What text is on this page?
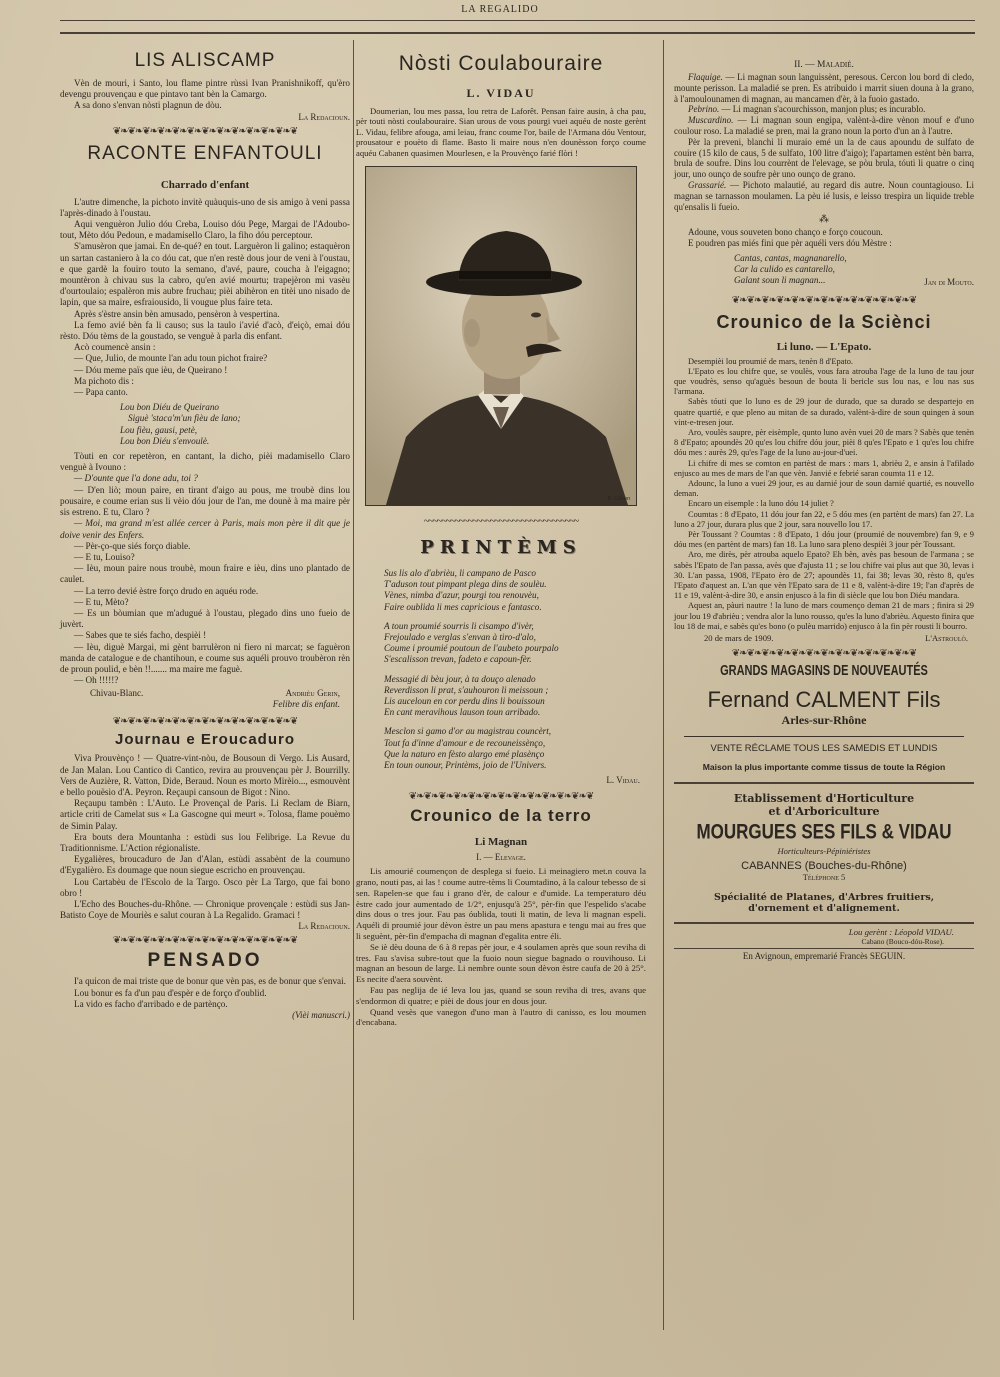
LA REGALIDO
LIS ALISCAMP

Vèn de mouri, i Santo, lou flame pintre rùssi Ivan Pranishnikoff, qu'èro devengu prouvençau e que pintavo tant bèn la Camargo.

A sa dono s'envan nòsti plagnun de dòu.

La Redacioun.
❦❧❦❧❦❧❦❧❦❧❦❧❦❧❦❧❦❧❦❧❦❧❦❧❦
RACONTE ENFANTOULI
Charrado d'enfant

L'autre dimenche, la pichoto invitè quàuquis-uno de sis amigo à veni passa l'après-dinado à l'oustau.

Aqui venguèron Julio dóu Creba, Louiso dóu Pege, Margai de l'Adoubo-tout, Mèto dóu Pedoun, e madamisello Claro, la fiho dóu perceptour.

S'amusèron que jamai. En de-qué? en tout. Larguèron li galino; estaquèron un sartan castaniero à la co dóu cat, que n'en restè dous jour de veni à l'oustau, e que gardè la fouiro touto la semano, d'avé, paure, coucha à l'eigagno; mountèron à chivau sus la cabro, qu'en avié mourtu; trapejèron mi vasèu d'ourtoulaio; espalèron mis aubre fruchau; pièi abihèron en titèi uno nisado de lapin, que sa maire, esfraiousido, li vougue plus faire teta.

Après s'èstre ansin bèn amusado, pensèron à vespertina.

La femo avié bèn fa li causo; sus la taulo i'avié d'acò, d'eiçò, emai dóu rèsto. Dóu tèms de la goustado, se venguè à parla dis enfant.

Acò coumencè ansin :

— Que, Julio, de mounte l'an adu toun pichot fraire?

— Dóu meme païs que ièu, de Queirano !

Ma pichoto dis :

— Papa canto.

Lou bon Diéu de Queirano
Siguè 'staca'm'un fièu de lano;
Lou fièu, gausi, petè,
Lou bon Diéu s'envoulè.

Tòuti en cor repetèron, en cantant, la dicho, pièi madamisello Claro venguè à Ivouno :

— D'ounte que l'a done adu, toi ?

— D'en liò; moun paire, en tirant d'aigo au pous, me troubè dins lou pousaire, e coume erian sus li vèio dóu jour de l'an, me dounè à ma maire pèr sis estreno. E tu, Claro ?

— Moi, ma grand m'est allée cercer à Paris, mais mon père il dit que je doive venir des Enfers.

— Pèr-ço-que siés forço diable.

— E tu, Louiso?

— Ièu, moun paire nous troubè, moun fraire e ièu, dins uno plantado de caulet.

— La terro devié èstre forço drudo en aquéu rode.

— E tu, Mèto?

— Es un bòumian que m'adugué à l'oustau, plegado dins uno fueio de juvèrt.

— Sabes que te siés facho, despièi !

— Ièu, diguè Margai, mi gènt barrulèron ni fiero ni marcat; se faguèron manda de catalogue e de chantihoun, e coume sus aquéli prouvo troubèron rèn de proun poulid, e bèn !!....... ma maire me faguè.

— Oh !!!!!?

Chivau-Blanc.	Andrièu Gerin,
Felibre dis enfant.
❦❧❦❧❦❧❦❧❦❧❦❧❦❧❦❧❦❧❦❧❦❧❦❧❦
Journau e Eroucaduro

Viva Prouvènço ! — Quatre-vint-nòu, de Bousoun di Vergo. Lis Ausard, de Jan Malan. Lou Cantico di Cantico, revira au prouvençau pèr J. Bourrilly. Vers de Auzière, R. Vatton, Dide, Beraud. Noun es morto Mirèio..., esmouvènt e bello pouësio d'A. Peyron. Reçaupi cansoun de Bigot : Nino.

Reçaupu tambèn : L'Auto. Le Provençal de Paris. Li Reclam de Biarn, article criti de Camelat sus « La Gascogne qui meurt ». Tolosa, flame pouèmo de Simin Palay.

Era bouts dera Mountanha : estùdi sus lou Felibrige. La Revue du Traditionnisme. L'Action régionaliste.

Eygalières, broucaduro de Jan d'Alan, estùdi assabènt de la coumuno d'Eygalièro. Es doumage que noun siegue escricho en prouvençau.

Lou Cartabèu de l'Escolo de la Targo. Osco pèr La Targo, que fai bono obro !

L'Echo des Bouches-du-Rhône. — Chronique provençale : estùdi sus Jan-Batisto Coye de Mouriès e salut couran à La Regalido. Gramaci !

La Redacioun.
❦❧❦❧❦❧❦❧❦❧❦❧❦❧❦❧❦❧❦❧❦❧❦❧❦
PENSADO

I'a quicon de mai triste que de bonur que vèn pas, es de bonur que s'envai.

Lou bonur es fa d'un pau d'espèr e de forço d'oublid.

La vido es facho d'arribado e de partènço.

(Vièi manuscri.)
Nòsti Coulabouraire
L. VIDAU

Doumerian, lou mes passa, lou retra de Laforêt. Pensan faire ausin, à cha pau, pèr touti nòsti coulabouraire. Sian urous de vous pourgi vuei aquéu de noste gerènt L. Vidau, felibre afouga, ami leiau, franc coume l'or, baile de l'Armana dóu Ventour, prousatour e pouèto di flame. Basto li maire nous n'en dounèsson forço coume aquéu Cabanen quasimen Mourlesen, e la Prouvènço farié flòri !

R. Gilson
~~~~~~~~~~~~~~~~~~~~~~~~~~~~~~~~~~~
PRINTÈMS
Sus lis alo d'abrièu, li campano de Pasco
T'aduson tout pimpant plega dins de soulèu.
Vènes, nimba d'azur, pourgi tou renouvèu,
Faire oublida li mes capricious e fantasco.
A toun proumié sourris li cisampo d'ivèr,
Frejoulado e verglas s'envan à tiro-d'alo,
Coume i proumié poutoun de l'aubeto pourpalo
S'escalisson trevan, fadeto e capoun-fèr.
Messagié di bèu jour, à ta douço alenado
Reverdisson li prat, s'auhouron li meissoun ;
Lis auceloun en cor perdu dins li bouissoun
En cant meravihous lauson toun arribado.
Mesclon si gamo d'or au magistrau councèrt,
Tout fa d'inne d'amour e de recouneissènço,
Que la naturo en fèsto alargo emé plasènço
En toun ounour, Printèms, joio de l'Univers.
L. Vidau.
❦❧❦❧❦❧❦❧❦❧❦❧❦❧❦❧❦❧❦❧❦❧❦❧❦
Crounico de la terro
Li Magnan
I. — Elevage.

Lis amourié coumençon de desplega si fueio. Li meinagiero met.n couva la grano, nouti pas, ai las ! coume autre-tèms li Coumtadino, à la calour tebesso de si sen. Rapelen-se que fau i grano d'èr, de calour e d'umide. La temperaturo déu èstre cado jour aumentado de 1/2°, enjusqu'à 25°, pèr-fin que l'espelido s'acabe dins dous o tres jour. Fau pas óublida, touti li matin, de leva li magnan espeli. Aquéli di proumié jour dèvon èstre un pau mens apastura e tengu mai au fres que li seguènt, pèr-fin d'empacha di magnan d'egalita entre éli.

Se iè dèu douna de 6 à 8 repas pèr jour, e 4 soulamen après que soun reviha di tres. Fau s'avisa subre-tout que la fuoio noun siegue bagnado o rouvihouso. Li magnan an besoun de large. Li nembre ounte soun dèvon èstre caufa de 20 à 25°. Es necite d'aera souvènt.

Fau pas neglija de ié leva lou jas, quand se soun reviha di tres, avans que s'endormon di quatre; e pièi de dous jour en dous jour.

Quand vesès que vanegon d'uno man à l'autro di canisso, es lou moumen d'encabana.

II. — Maladié.

Flaquige. — Li magnan soun languissènt, peresous. Cercon lou bord di cledo, mounte perisson. La maladié se pren. Es atribuido i marrit siuen douna à la grano, à l'amoulounamen di magnan, au mancamen d'èr, à la fuoio gastado.

Pebrino. — Li magnan s'acourchisson, manjon plus; es incurablo.

Muscardino. — Li magnan soun engipa, valènt-à-dire vènon mouf e d'uno coulour roso. La maladié se pren, mai la grano noun la porto d'un an à l'autre.

Pèr la preveni, blanchi li muraio emé un la de caus apoundu de sulfato de couire (15 kilo de caus, 5 de sulfato, 100 litre d'aigo); l'apartamen estènt bèn barra, brula de soufre. Dins lou courrènt de l'elevage, se pòu brula, tóuti li quatre o cinq jour, uno ounço de soufre pèr uno ounço de grano.

Grassarié. — Pichoto malautié, au regard dis autre. Noun countagiouso. Li magnan se tarnasson moulamen. La pèu ié lusis, e leisso trespira un liquide treble qu'ensalis li fueio.

⁂

Adoune, vous souveten bono chanço e forço coucoun.

E poudren pas miés fini que pèr aquéli vers dóu Mèstre :

Cantas, cantas, magnanarello,
Car la culido es cantarello,
Galant soun li magnan...	Jan di Mouto.
❦❧❦❧❦❧❦❧❦❧❦❧❦❧❦❧❦❧❦❧❦❧❦❧❦
Crounico de la Sciènci
Li luno. — L'Epato.

Desempièi lou proumié de mars, tenèn 8 d'Epato.

L'Epato es lou chifre que, se voulès, vous fara atrouba l'age de la luno de tau jour que voudrès, senso qu'aguès besoun de bouta li bericle sus lou nas, e lou nas sus l'armana.

Sabès tóuti que lo luno es de 29 jour de durado, que sa durado se despartejo en quatre quartié, e que pleno au mitan de sa durado, valènt-à-dire de soun quingen à soun vint-e-tresen jour.

Aro, voulès saupre, pèr eisèmple, qunto luno avèn vuei 20 de mars ? Sabès que tenèn 8 d'Epato; apoundès 20 qu'es lou chifre dóu jour, pièi 8 qu'es l'Epato e 1 qu'es lou chifre dóu mes : aurès 29, qu'es l'age de la luno au-jour-d'uei.

Li chifre di mes se comton en partèst de mars : mars 1, abrièu 2, e ansin à l'afilado enjusco au mes de mars de l'an que vèn. Janvié e febrié saran coumta 11 e 12.

Adounc, la luno a vuei 29 jour, es au darnié jour de soun darnié quartié, es nouvello deman.

Encaro un eisemple : la luno dóu 14 juliet ?

Coumtas : 8 d'Epato, 11 dóu jour fan 22, e 5 dóu mes (en partènt de mars) fan 27. La luno a 27 jour, durara plus que 2 jour, sara nouvello lou 17.

Pèr Toussant ? Coumtas : 8 d'Epato, 1 dóu jour (proumié de nouvembre) fan 9, e 9 dóu mes (en partènt de mars) fan 18. La luno sara pleno despièi 3 jour pèr Toussant.

Aro, me dirès, pèr atrouba aquelo Epato? Eh bèn, avès pas besoun de l'armana ; se sabès l'Epato de l'an passa, avès que d'ajusta 11 ; se lou chifre vai plus aut que 30, levas i 30. L'an passa, 1908, l'Epato èro de 27; apoundès 11, fai 38; levas 30, rèsto 8, qu'es l'Epato d'aquest an. L'an que vèn l'Epato sara de 11 e 8, valènt-à-dire 19; l'an d'après de 11 e 19, valènt-à-dire 30, e ansin enjusco à la fin di siècle que lou bon Diéu mandara.

Aquest an, pàuri nautre ! la luno de mars coumenço deman 21 de mars ; finira si 29 jour lou 19 d'abrièu ; vendra alor la luno rousso, qu'es la luno d'abrièu. Aquesto finira que lou 18 de mai, e sabès qu'es bono (o pulèu marrido) enjusco à la fin pèr rousti li bourro.

20 de mars de 1909.	L'Astroulò.
❦❧❦❧❦❧❦❧❦❧❦❧❦❧❦❧❦❧❦❧❦❧❦❧❦
GRANDS MAGASINS DE NOUVEAUTÉS
Fernand CALMENT Fils
Arles-sur-Rhône
VENTE RÉCLAME TOUS LES SAMEDIS ET LUNDIS
Maison la plus importante comme tissus de toute la Région
Etablissement d'Horticulture
et d'Arboriculture
MOURGUES SES FILS & VIDAU
Horticulteurs-Pépiniéristes
CABANNES (Bouches-du-Rhône)
Téléphone 5
Spécialité de Platanes, d'Arbres fruitiers,
d'ornement et d'alignement.
Lou gerènt : Léopold VIDAU.
Cabano (Bouco-dóu-Rose).
En Avignoun, empremarié Francès SEGUIN.
